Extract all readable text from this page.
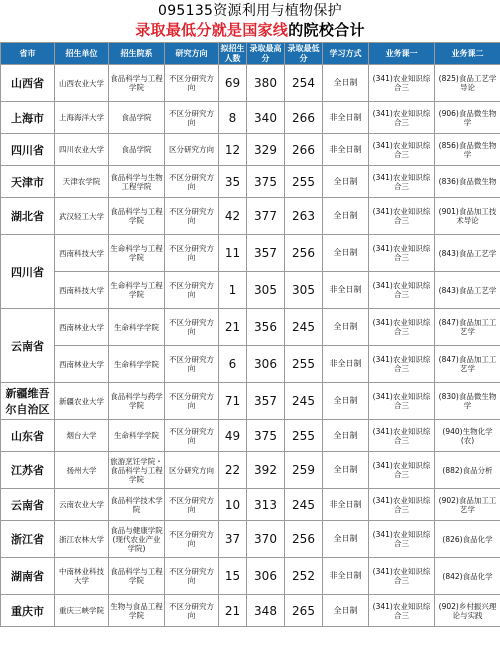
095135资源利用与植物保护
录取最低分就是国家线的院校合计
省市	招生单位	招生院系	研究方向	拟招生人数	录取最高分	录取最低分	学习方式	业务课一	业务课二
山西省	山西农业大学	食品科学与工程学院	不区分研究方向	69	380	254	全日制	(341)农业知识综合三	(825)食品工艺学导论
上海市	上海海洋大学	食品学院	不区分研究方向	8	340	266	非全日制	(341)农业知识综合三	(906)食品微生物学
四川省	四川农业大学	食品学院	区分研究方向	12	329	266	非全日制	(341)农业知识综合三	(856)食品微生物学
天津市	天津农学院	食品科学与生物工程学院	不区分研究方向	35	375	255	全日制	(341)农业知识综合三	(836)食品微生物
湖北省	武汉轻工大学	食品科学与工程学院	不区分研究方向	42	377	263	全日制	(341)农业知识综合三	(901)食品加工技术导论
四川省	西南科技大学	生命科学与工程学院	不区分研究方向	11	357	256	全日制	(341)农业知识综合三	(843)食品工艺学
	西南科技大学	生命科学与工程学院	不区分研究方向	1	305	305	非全日制	(341)农业知识综合三	(843)食品工艺学
云南省	西南林业大学	生命科学学院	不区分研究方向	21	356	245	全日制	(341)农业知识综合三	(847)食品加工工艺学
	西南林业大学	生命科学学院	不区分研究方向	6	306	255	非全日制	(341)农业知识综合三	(847)食品加工工艺学
新疆维吾尔自治区	新疆农业大学	食品科学与药学学院	不区分研究方向	71	357	245	全日制	(341)农业知识综合三	(830)食品微生物学
山东省	烟台大学	生命科学学院	不区分研究方向	49	375	255	全日制	(341)农业知识综合三	(940)生物化学(农)
江苏省	扬州大学	旅游烹饪学院・食品科学与工程学院	区分研究方向	22	392	259	全日制	(341)农业知识综合三	(882)食品分析
云南省	云南农业大学	食品科学技术学院	不区分研究方向	10	313	245	非全日制	(341)农业知识综合三	(902)食品加工工艺学
浙江省	浙江农林大学	食品与健康学院(现代农业产业学院)	不区分研究方向	37	370	256	全日制	(341)农业知识综合三	(826)食品化学
湖南省	中南林业科技大学	食品科学与工程学院	不区分研究方向	15	306	252	非全日制	(341)农业知识综合三	(842)食品化学
重庆市	重庆三峡学院	生物与食品工程学院	不区分研究方向	21	348	265	全日制	(341)农业知识综合三	(902)乡村振兴理论与实践
